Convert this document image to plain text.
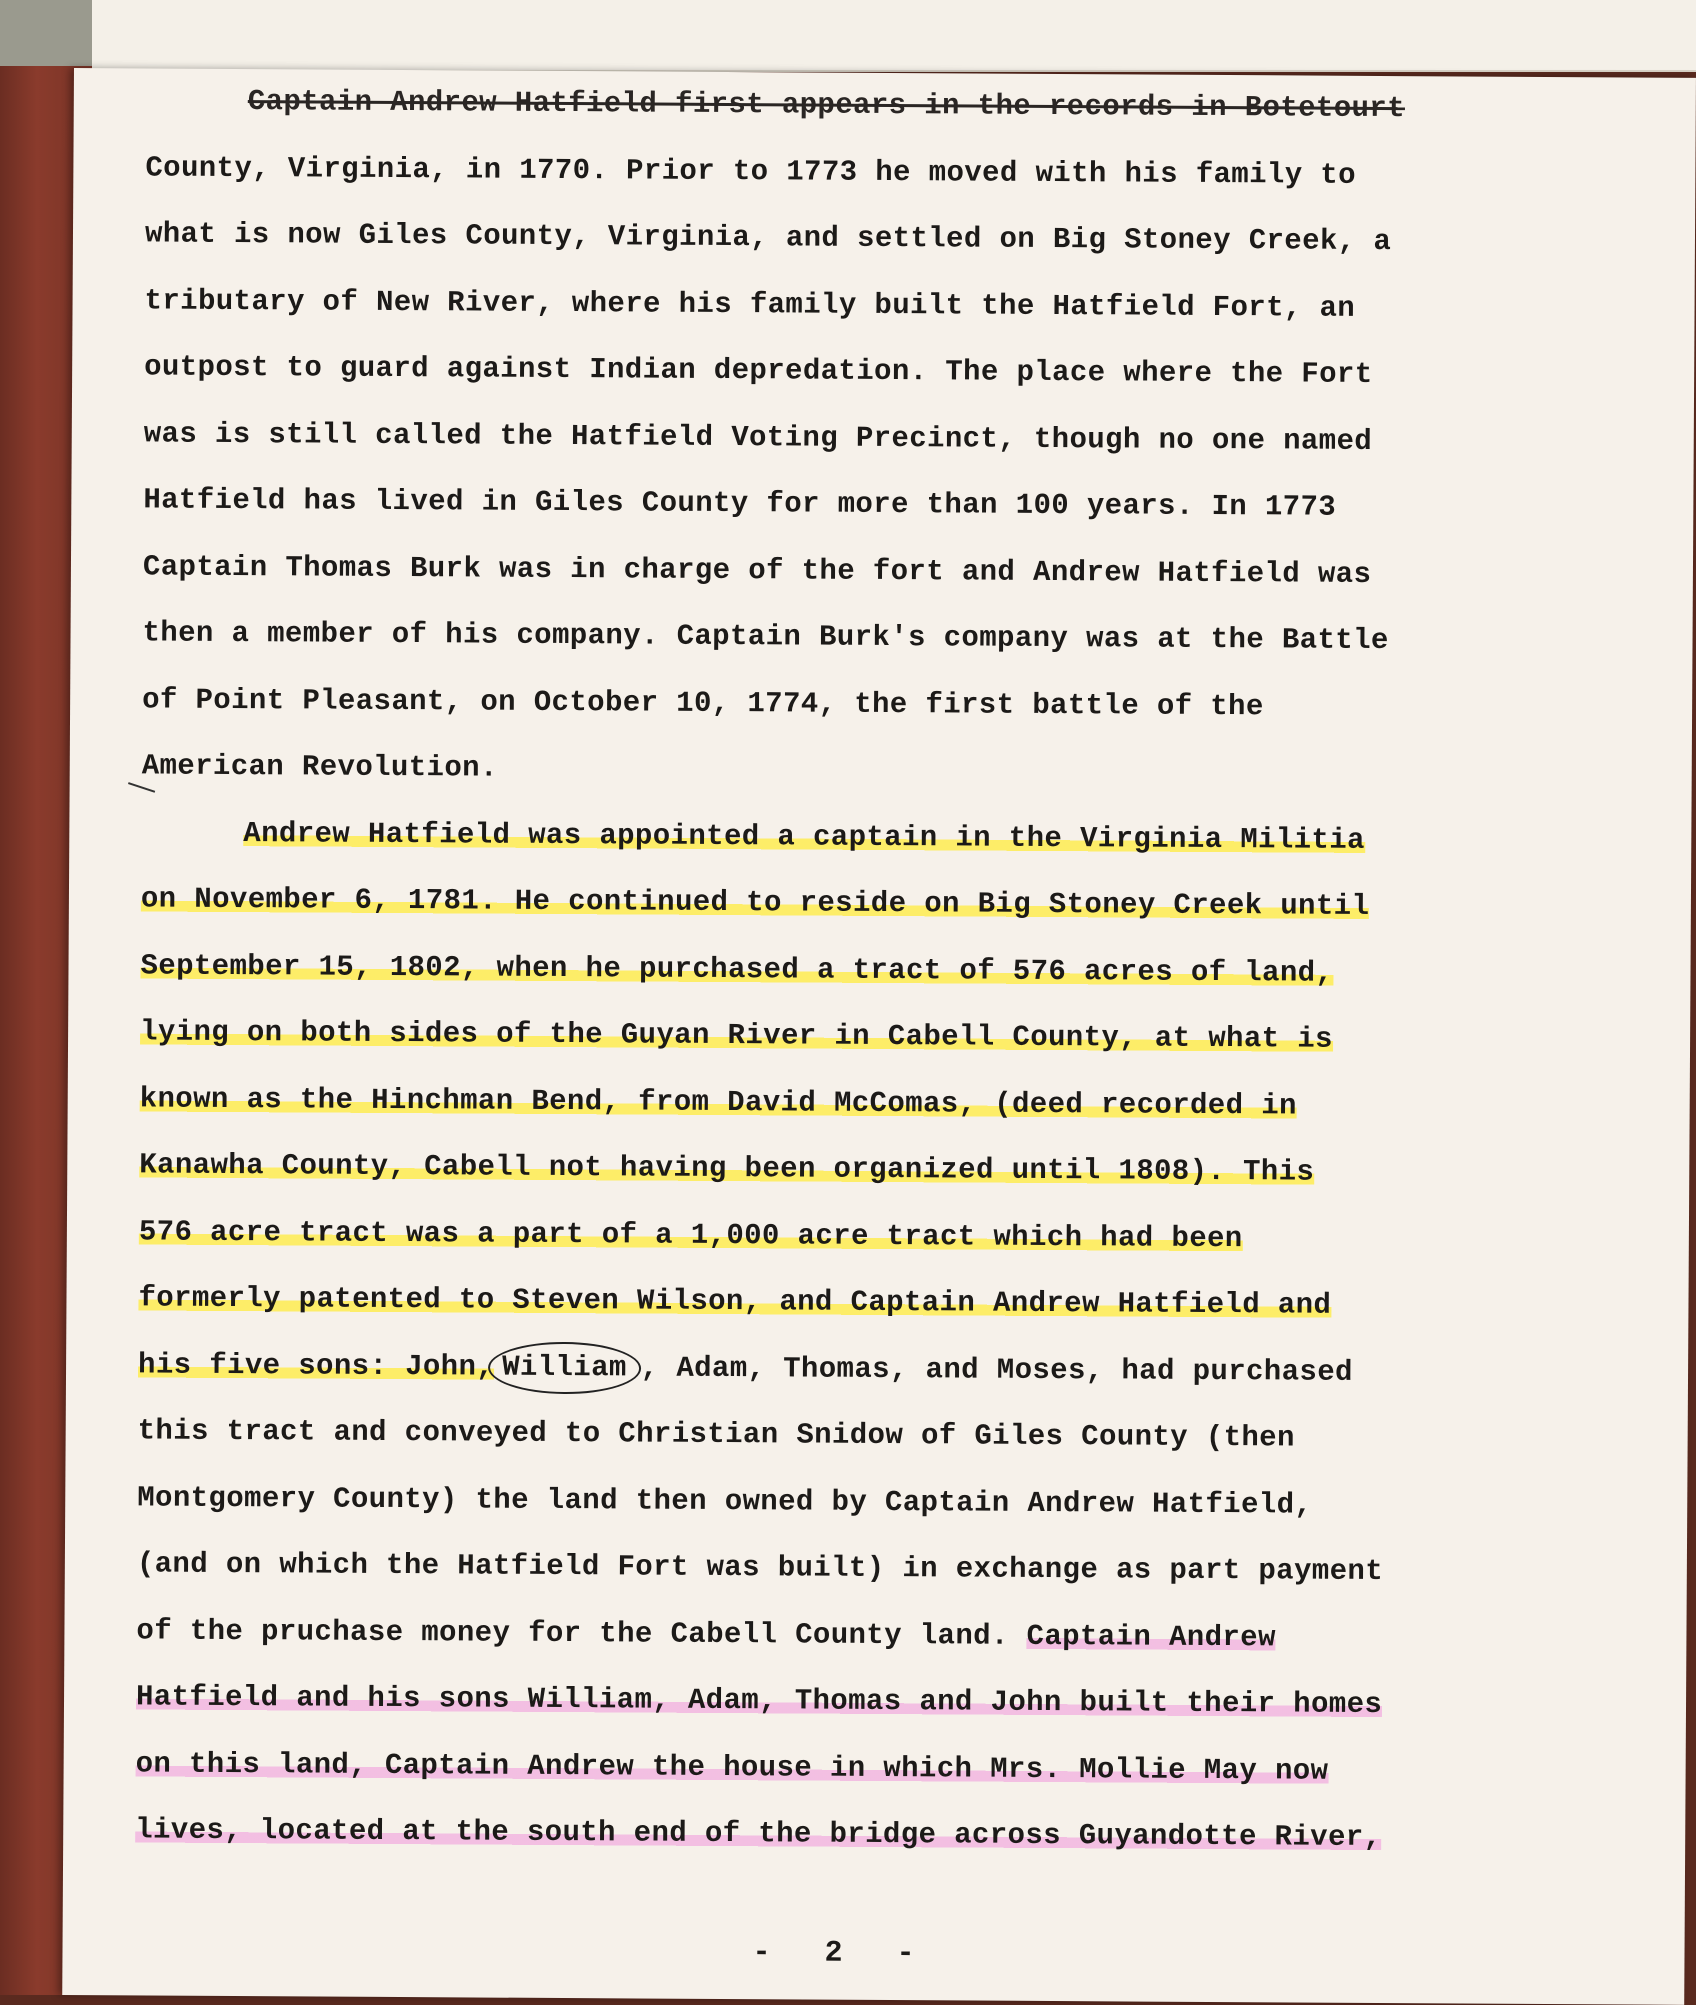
Captain Andrew Hatfield first appears in the records in Botetourt
County, Virginia, in 1770. Prior to 1773 he moved with his family to
what is now Giles County, Virginia, and settled on Big Stoney Creek, a
tributary of New River, where his family built the Hatfield Fort, an
outpost to guard against Indian depredation. The place where the Fort
was is still called the Hatfield Voting Precinct, though no one named
Hatfield has lived in Giles County for more than 100 years. In 1773
Captain Thomas Burk was in charge of the fort and Andrew Hatfield was
then a member of his company. Captain Burk's company was at the Battle
of Point Pleasant, on October 10, 1774, the first battle of the
American Revolution.
Andrew Hatfield was appointed a captain in the Virginia Militia
on November 6, 1781. He continued to reside on Big Stoney Creek until
September 15, 1802, when he purchased a tract of 576 acres of land,
lying on both sides of the Guyan River in Cabell County, at what is
known as the Hinchman Bend, from David McComas, (deed recorded in
Kanawha County, Cabell not having been organized until 1808). This
576 acre tract was a part of a 1,000 acre tract which had been
formerly patented to Steven Wilson, and Captain Andrew Hatfield and
his five sons: John, William , Adam, Thomas, and Moses, had purchased
this tract and conveyed to Christian Snidow of Giles County (then
Montgomery County) the land then owned by Captain Andrew Hatfield,
(and on which the Hatfield Fort was built) in exchange as part payment
of the pruchase money for the Cabell County land. Captain Andrew
Hatfield and his sons William, Adam, Thomas and John built their homes
on this land, Captain Andrew the house in which Mrs. Mollie May now
lives, located at the south end of the bridge across Guyandotte River,
- 2 -
